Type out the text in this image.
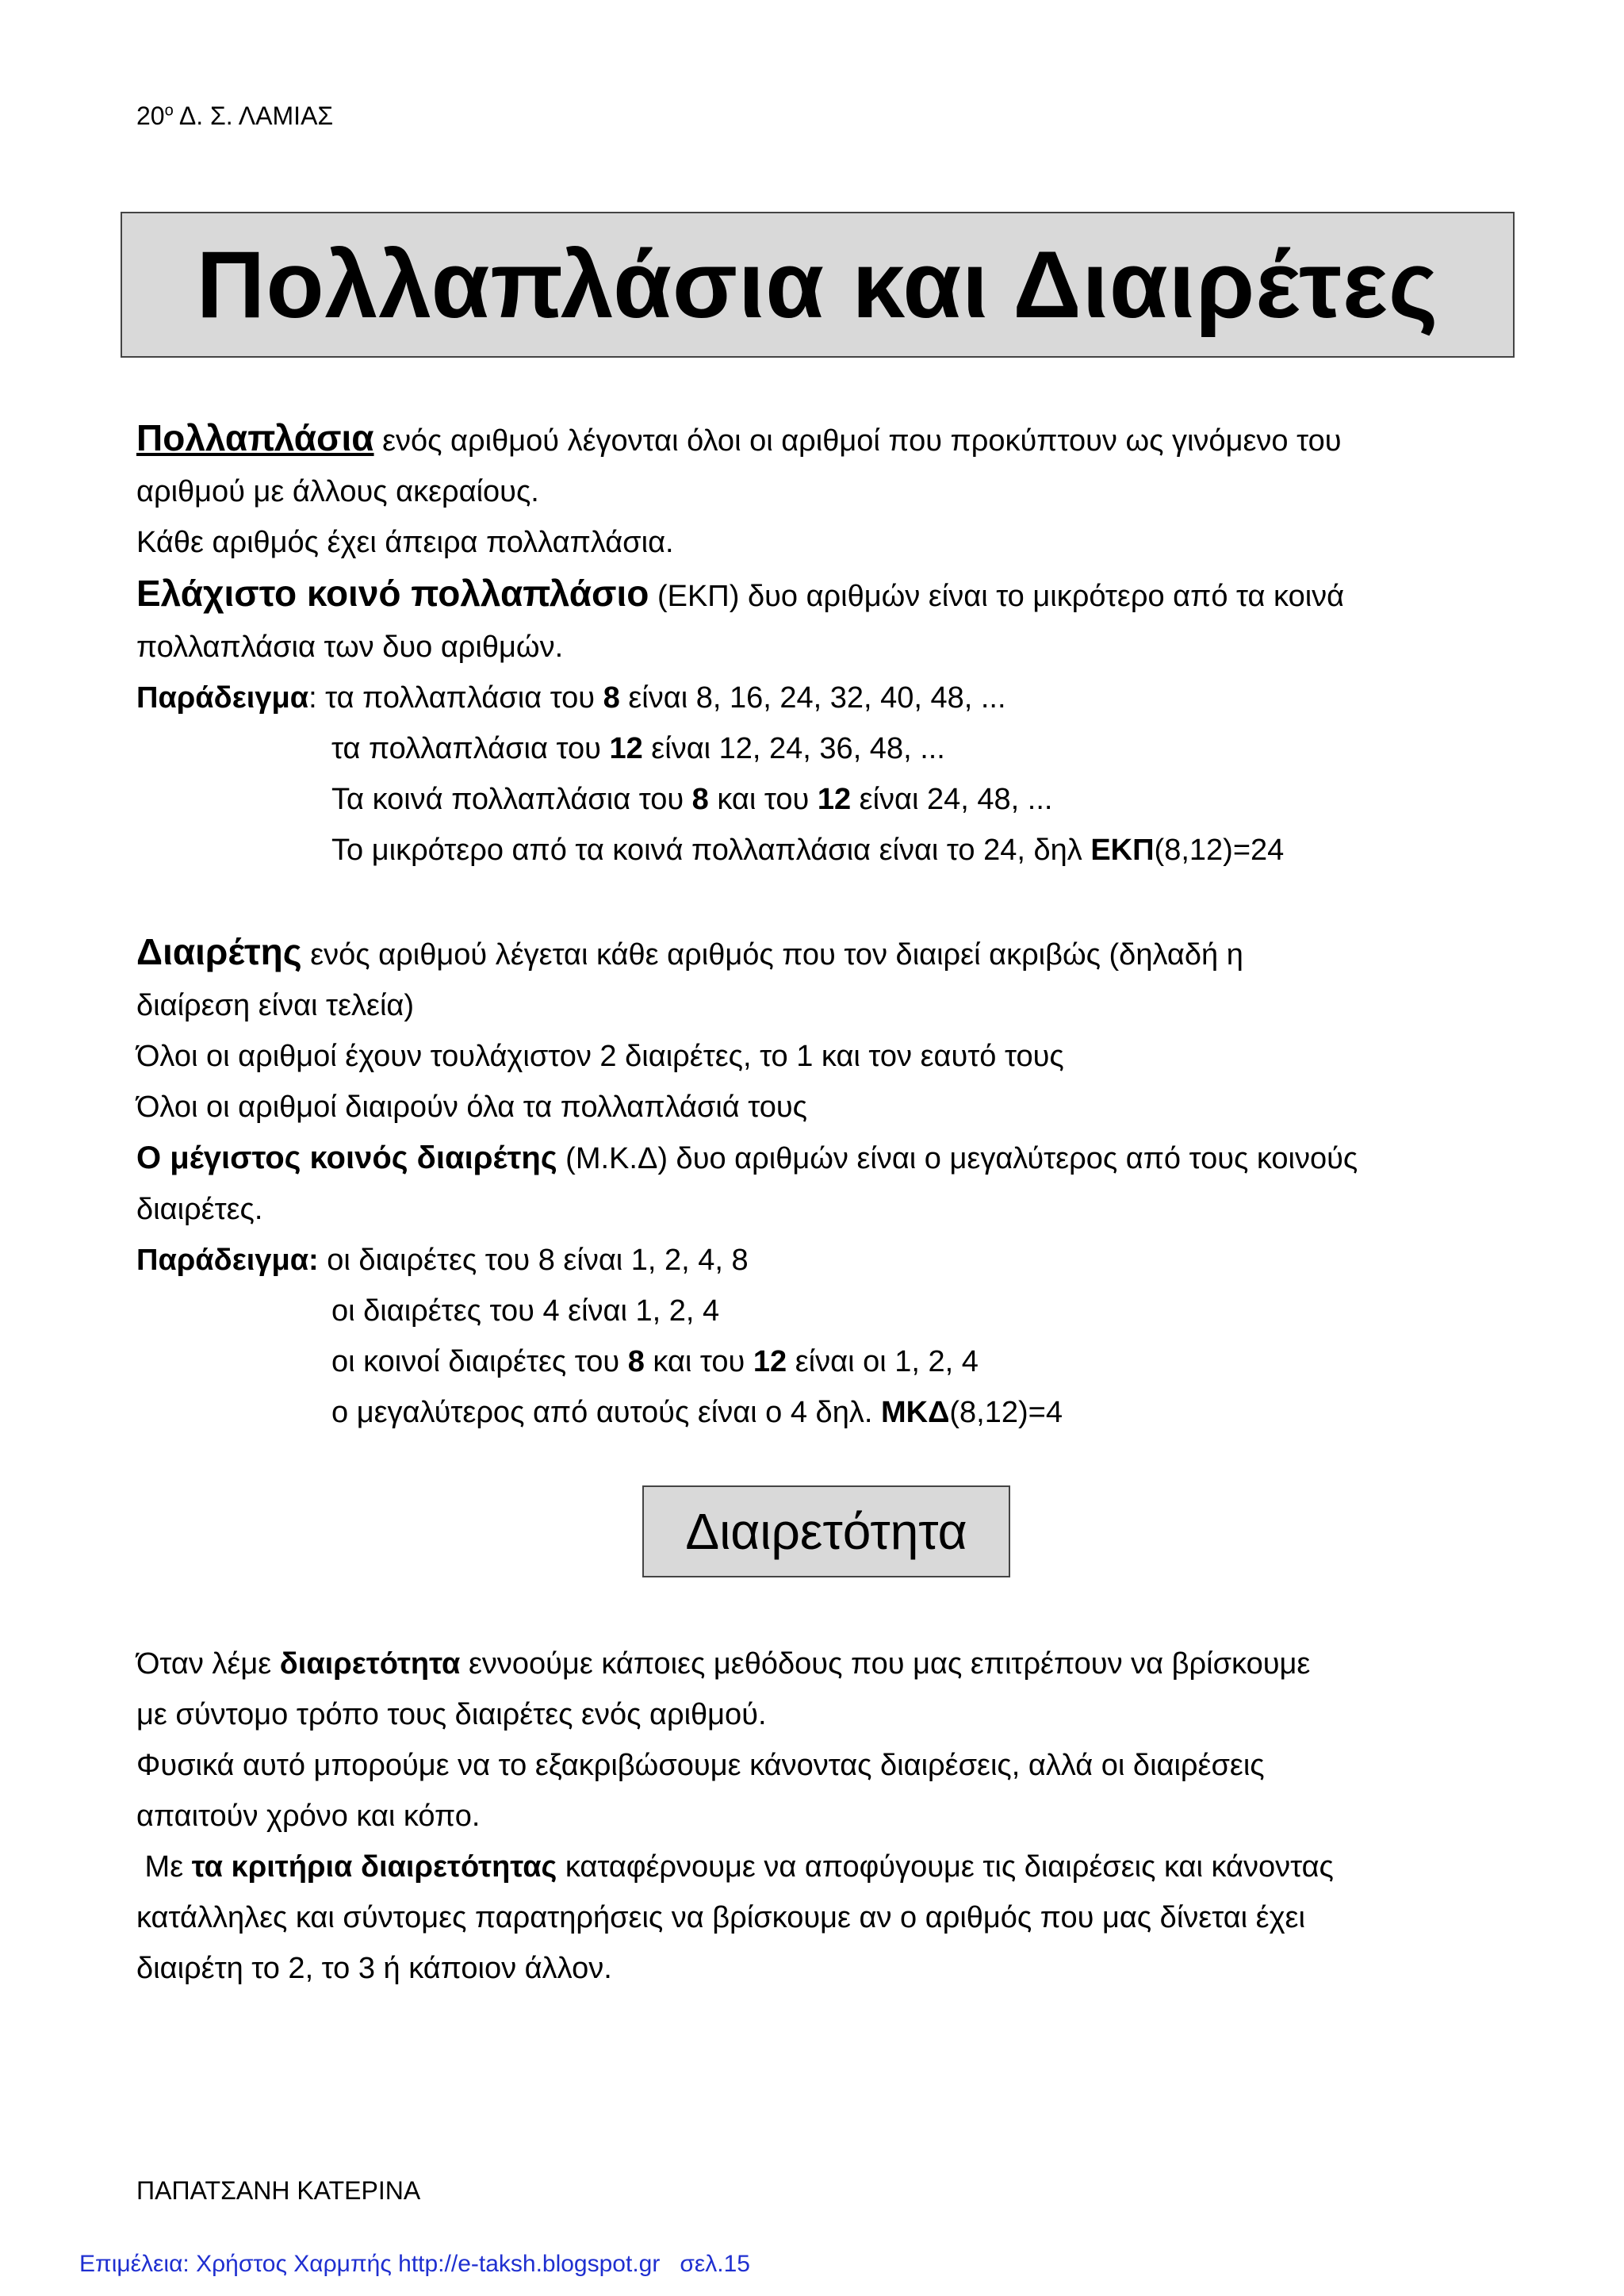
$20^o$ Δ. Σ. ΛΑΜΙΑΣ
Πολλαπλάσια και Διαιρέτες

Πολλαπλάσια ενός αριθμού λέγονται όλοι οι αριθμοί που προκύπτουν ως γινόμενο του

αριθμού με άλλους ακεραίους.

Κάθε αριθμός έχει άπειρα πολλαπλάσια.

Ελάχιστο κοινό πολλαπλάσιο (ΕΚΠ) δυο αριθμών είναι το μικρότερο από τα κοινά

πολλαπλάσια των δυο αριθμών.

Παράδειγμα: τα πολλαπλάσια του 8 είναι 8, 16, 24, 32, 40, 48, ...

τα πολλαπλάσια του 12 είναι 12, 24, 36, 48, ...

Τα κοινά πολλαπλάσια του 8 και του 12 είναι 24, 48, ...

Το μικρότερο από τα κοινά πολλαπλάσια είναι το 24, δηλ ΕΚΠ(8,12)=24

Διαιρέτης ενός αριθμού λέγεται κάθε αριθμός που τον διαιρεί ακριβώς (δηλαδή η

διαίρεση είναι τελεία)

Όλοι οι αριθμοί έχουν τουλάχιστον 2 διαιρέτες, το 1 και τον εαυτό τους

Όλοι οι αριθμοί διαιρούν όλα τα πολλαπλάσιά τους

Ο μέγιστος κοινός διαιρέτης (Μ.Κ.Δ) δυο αριθμών είναι ο μεγαλύτερος από τους κοινούς

διαιρέτες.

Παράδειγμα: οι διαιρέτες του 8 είναι 1, 2, 4, 8

οι διαιρέτες του 4 είναι 1, 2, 4

οι κοινοί διαιρέτες του 8 και του 12 είναι οι 1, 2, 4

ο μεγαλύτερος από αυτούς είναι ο 4 δηλ. ΜΚΔ(8,12)=4

Διαιρετότητα

Όταν λέμε διαιρετότητα εννοούμε κάποιες μεθόδους που μας επιτρέπουν να βρίσκουμε

με σύντομο τρόπο τους διαιρέτες ενός αριθμού.

Φυσικά αυτό μπορούμε να το εξακριβώσουμε κάνοντας διαιρέσεις, αλλά οι διαιρέσεις

απαιτούν χρόνο και κόπο.

Με τα κριτήρια διαιρετότητας καταφέρνουμε να αποφύγουμε τις διαιρέσεις και κάνοντας

κατάλληλες και σύντομες παρατηρήσεις να βρίσκουμε αν ο αριθμός που μας δίνεται έχει

διαιρέτη το 2, το 3 ή κάποιον άλλον.

ΠΑΠΑΤΣΑΝΗ ΚΑΤΕΡΙΝΑ
Επιμέλεια: Χρήστος Χαρμπής http://e-taksh.blogspot.gr   σελ.15
